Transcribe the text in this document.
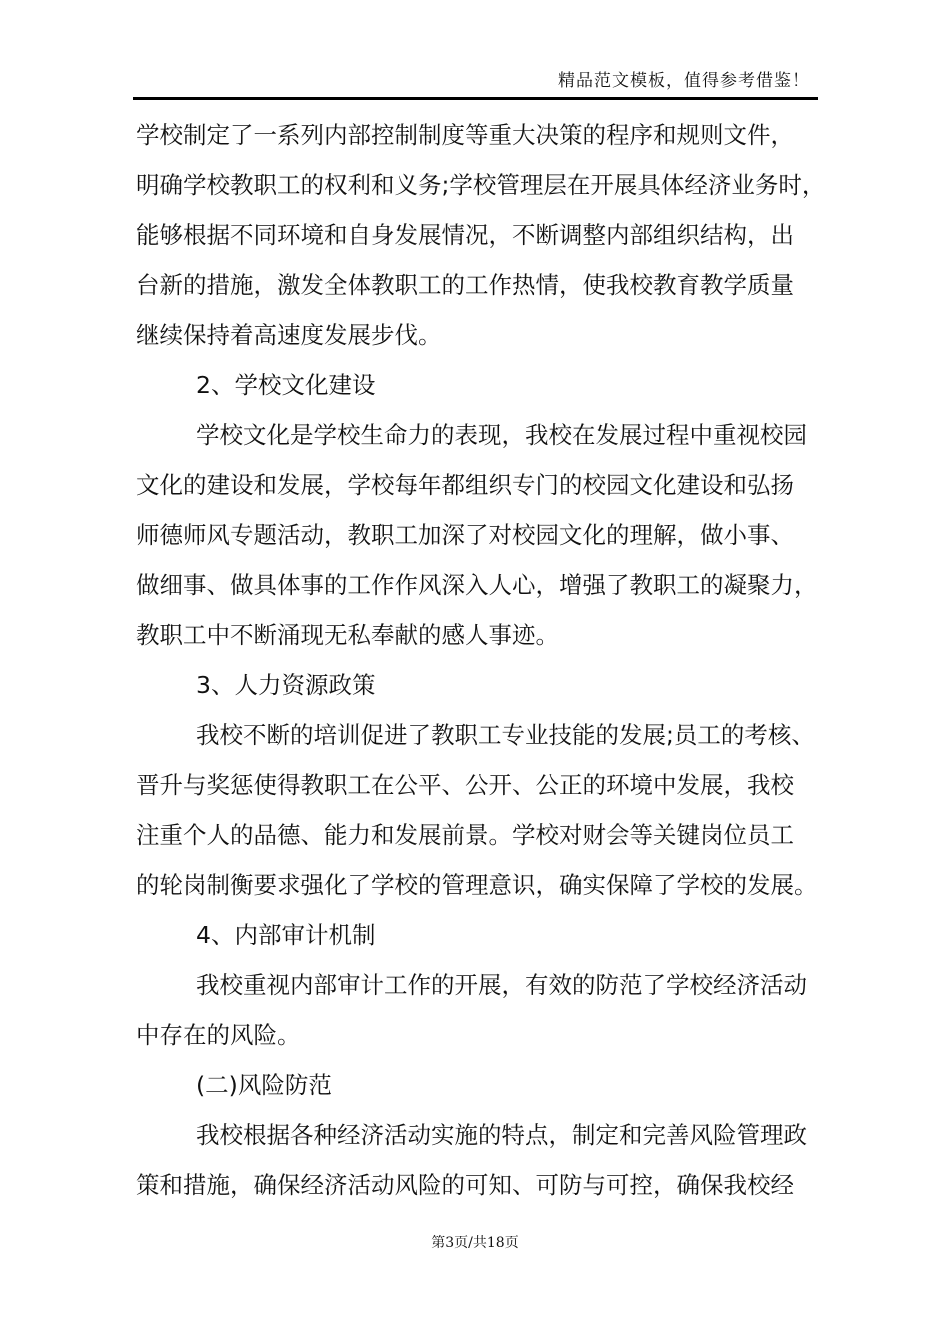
精品范文模板，值得参考借鉴！
学校制定了一系列内部控制制度等重大决策的程序和规则文件，
明确学校教职工的权利和义务;学校管理层在开展具体经济业务时，
能够根据不同环境和自身发展情况，不断调整内部组织结构，出
台新的措施，激发全体教职工的工作热情，使我校教育教学质量
继续保持着高速度发展步伐。
2、学校文化建设
学校文化是学校生命力的表现，我校在发展过程中重视校园
文化的建设和发展，学校每年都组织专门的校园文化建设和弘扬
师德师风专题活动，教职工加深了对校园文化的理解，做小事、
做细事、做具体事的工作作风深入人心，增强了教职工的凝聚力，
教职工中不断涌现无私奉献的感人事迹。
3、人力资源政策
我校不断的培训促进了教职工专业技能的发展;员工的考核、
晋升与奖惩使得教职工在公平、公开、公正的环境中发展，我校
注重个人的品德、能力和发展前景。学校对财会等关键岗位员工
的轮岗制衡要求强化了学校的管理意识，确实保障了学校的发展。
4、内部审计机制
我校重视内部审计工作的开展，有效的防范了学校经济活动
中存在的风险。
(二)风险防范
我校根据各种经济活动实施的特点，制定和完善风险管理政
策和措施，确保经济活动风险的可知、可防与可控，确保我校经
第3页/共18页
